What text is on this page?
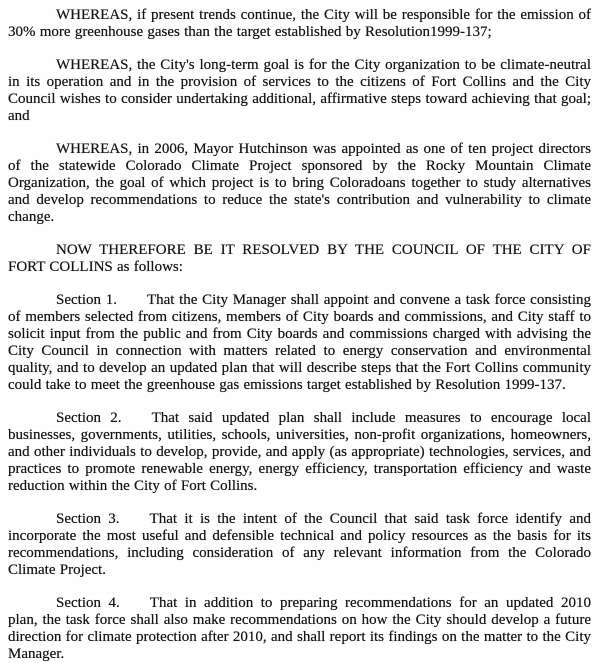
WHEREAS, if present trends continue, the City will be responsible for the emission of 30% more greenhouse gases than the target established by Resolution1999-137;

WHEREAS, the City's long-term goal is for the City organization to be climate-neutral in its operation and in the provision of services to the citizens of Fort Collins and the City Council wishes to consider undertaking additional, affirmative steps toward achieving that goal; and

WHEREAS, in 2006, Mayor Hutchinson was appointed as one of ten project directors of the statewide Colorado Climate Project sponsored by the Rocky Mountain Climate Organization, the goal of which project is to bring Coloradoans together to study alternatives and develop recommendations to reduce the state's contribution and vulnerability to climate change.

NOW THEREFORE BE IT RESOLVED BY THE COUNCIL OF THE CITY OF FORT COLLINS as follows:

Section 1. That the City Manager shall appoint and convene a task force consisting of members selected from citizens, members of City boards and commissions, and City staff to solicit input from the public and from City boards and commissions charged with advising the City Council in connection with matters related to energy conservation and environmental quality, and to develop an updated plan that will describe steps that the Fort Collins community could take to meet the greenhouse gas emissions target established by Resolution 1999-137.

Section 2. That said updated plan shall include measures to encourage local businesses, governments, utilities, schools, universities, non-profit organizations, homeowners, and other individuals to develop, provide, and apply (as appropriate) technologies, services, and practices to promote renewable energy, energy efficiency, transportation efficiency and waste reduction within the City of Fort Collins.

Section 3. That it is the intent of the Council that said task force identify and incorporate the most useful and defensible technical and policy resources as the basis for its recommendations, including consideration of any relevant information from the Colorado Climate Project.

Section 4. That in addition to preparing recommendations for an updated 2010 plan, the task force shall also make recommendations on how the City should develop a future direction for climate protection after 2010, and shall report its findings on the matter to the City Manager.
